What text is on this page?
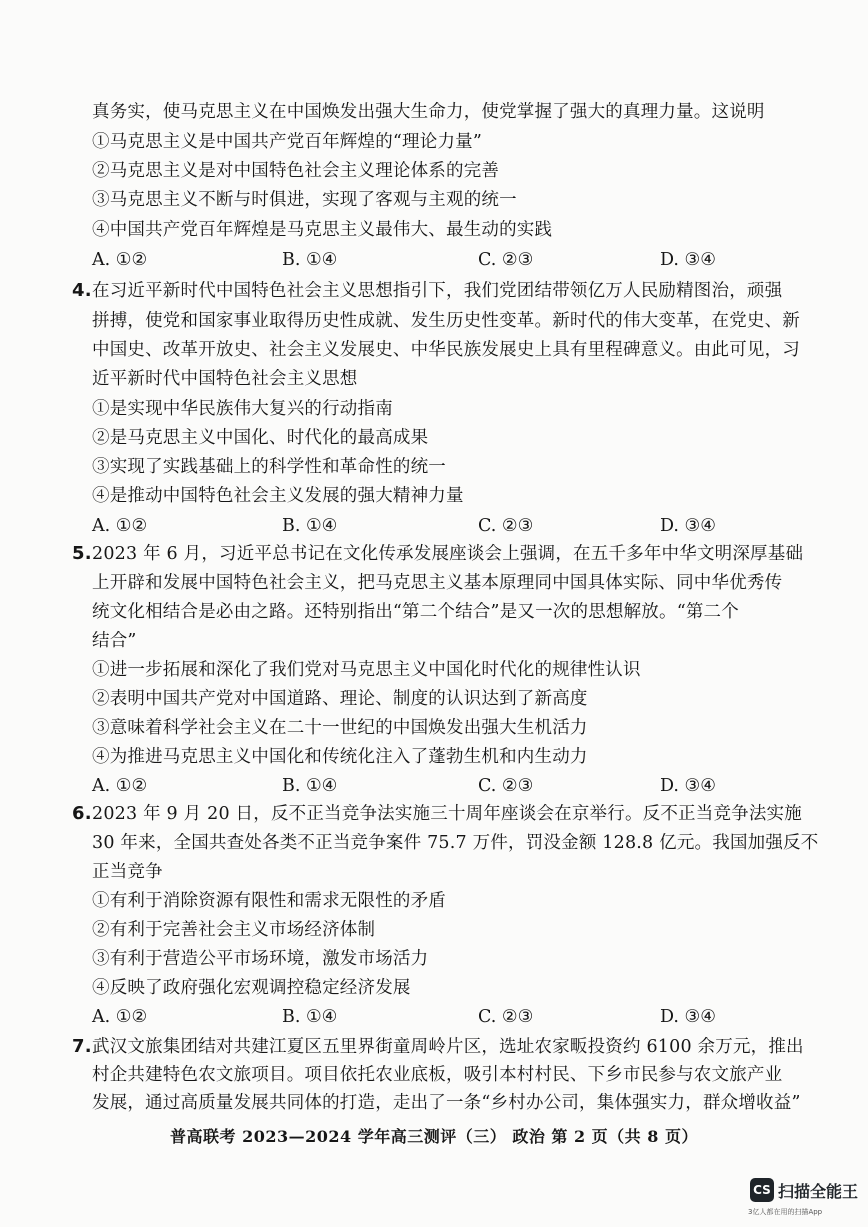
真务实，使马克思主义在中国焕发出强大生命力，使党掌握了强大的真理力量。这说明
①马克思主义是中国共产党百年辉煌的“理论力量”
②马克思主义是对中国特色社会主义理论体系的完善
③马克思主义不断与时俱进，实现了客观与主观的统一
④中国共产党百年辉煌是马克思主义最伟大、最生动的实践
A. ①②	B. ①④	C. ②③	D. ③④
4. 在习近平新时代中国特色社会主义思想指引下，我们党团结带领亿万人民励精图治，顽强
拼搏，使党和国家事业取得历史性成就、发生历史性变革。新时代的伟大变革，在党史、新
中国史、改革开放史、社会主义发展史、中华民族发展史上具有里程碑意义。由此可见，习
近平新时代中国特色社会主义思想
①是实现中华民族伟大复兴的行动指南
②是马克思主义中国化、时代化的最高成果
③实现了实践基础上的科学性和革命性的统一
④是推动中国特色社会主义发展的强大精神力量
A. ①②	B. ①④	C. ②③	D. ③④
5. 2023 年 6 月，习近平总书记在文化传承发展座谈会上强调，在五千多年中华文明深厚基础
上开辟和发展中国特色社会主义，把马克思主义基本原理同中国具体实际、同中华优秀传
统文化相结合是必由之路。还特别指出“第二个结合”是又一次的思想解放。“第二个
结合”
①进一步拓展和深化了我们党对马克思主义中国化时代化的规律性认识
②表明中国共产党对中国道路、理论、制度的认识达到了新高度
③意味着科学社会主义在二十一世纪的中国焕发出强大生机活力
④为推进马克思主义中国化和传统化注入了蓬勃生机和内生动力
A. ①②	B. ①④	C. ②③	D. ③④
6. 2023 年 9 月 20 日，反不正当竞争法实施三十周年座谈会在京举行。反不正当竞争法实施
30 年来，全国共查处各类不正当竞争案件 75.7 万件，罚没金额 128.8 亿元。我国加强反不
正当竞争
①有利于消除资源有限性和需求无限性的矛盾
②有利于完善社会主义市场经济体制
③有利于营造公平市场环境，激发市场活力
④反映了政府强化宏观调控稳定经济发展
A. ①②	B. ①④	C. ②③	D. ③④
7. 武汉文旅集团结对共建江夏区五里界街童周岭片区，选址农家畈投资约 6100 余万元，推出
村企共建特色农文旅项目。项目依托农业底板，吸引本村村民、下乡市民参与农文旅产业
发展，通过高质量发展共同体的打造，走出了一条“乡村办公司，集体强实力，群众增收益”
普高联考 2023—2024 学年高三测评（三） 政治 第 2 页（共 8 页）
CS 扫描全能王
3亿人都在用的扫描App
